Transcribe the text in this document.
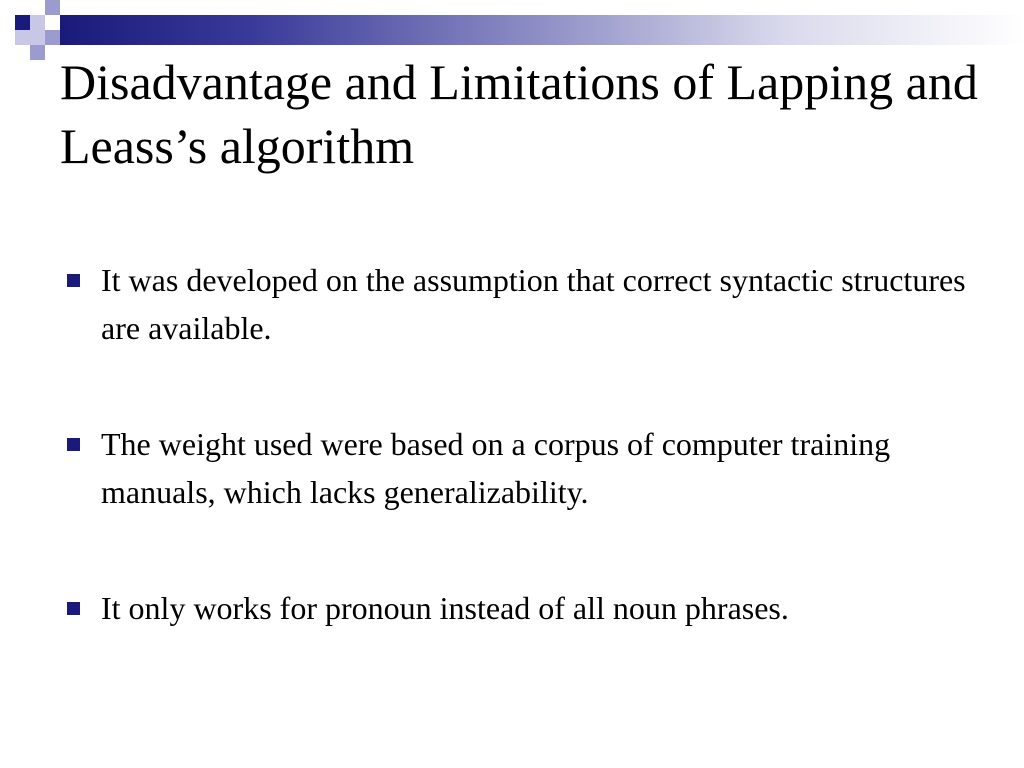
Disadvantage and Limitations of Lapping and Leass’s algorithm
It was developed on the assumption that correct syntactic structures are available.
The weight used were based on a corpus of computer training manuals, which lacks generalizability.
It only works for pronoun instead of all noun phrases.
